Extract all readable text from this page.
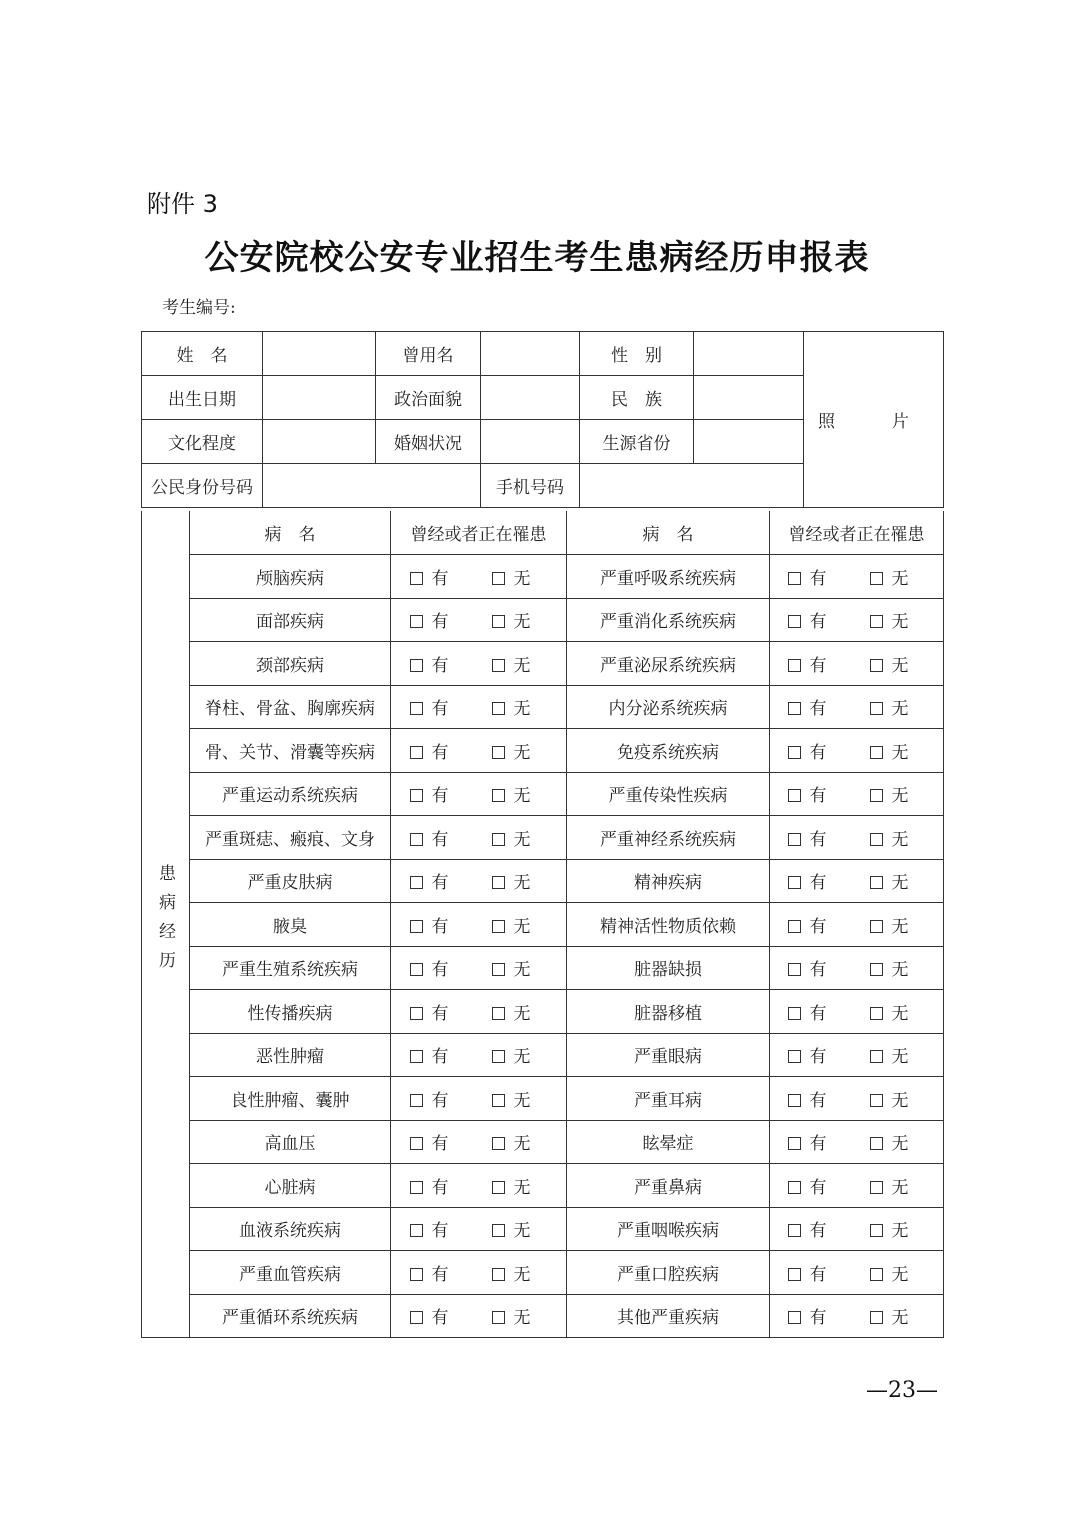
附件 3
公安院校公安专业招生考生患病经历申报表
考生编号:
姓　名		曾用名		性　别		照　片
出生日期		政治面貌		民　族		
文化程度		婚姻状况		生源省份		
公民身份号码			手机号码			
患病经历	病　名	曾经或者正在罹患	病　名	曾经或者正在罹患
	颅脑疾病	有 无	严重呼吸系统疾病	有 无
	面部疾病	有 无	严重消化系统疾病	有 无
	颈部疾病	有 无	严重泌尿系统疾病	有 无
	脊柱、骨盆、胸廓疾病	有 无	内分泌系统疾病	有 无
	骨、关节、滑囊等疾病	有 无	免疫系统疾病	有 无
	严重运动系统疾病	有 无	严重传染性疾病	有 无
	严重斑痣、瘢痕、文身	有 无	严重神经系统疾病	有 无
	严重皮肤病	有 无	精神疾病	有 无
	腋臭	有 无	精神活性物质依赖	有 无
	严重生殖系统疾病	有 无	脏器缺损	有 无
	性传播疾病	有 无	脏器移植	有 无
	恶性肿瘤	有 无	严重眼病	有 无
	良性肿瘤、囊肿	有 无	严重耳病	有 无
	高血压	有 无	眩晕症	有 无
	心脏病	有 无	严重鼻病	有 无
	血液系统疾病	有 无	严重咽喉疾病	有 无
	严重血管疾病	有 无	严重口腔疾病	有 无
	严重循环系统疾病	有 无	其他严重疾病	有 无
—23—
